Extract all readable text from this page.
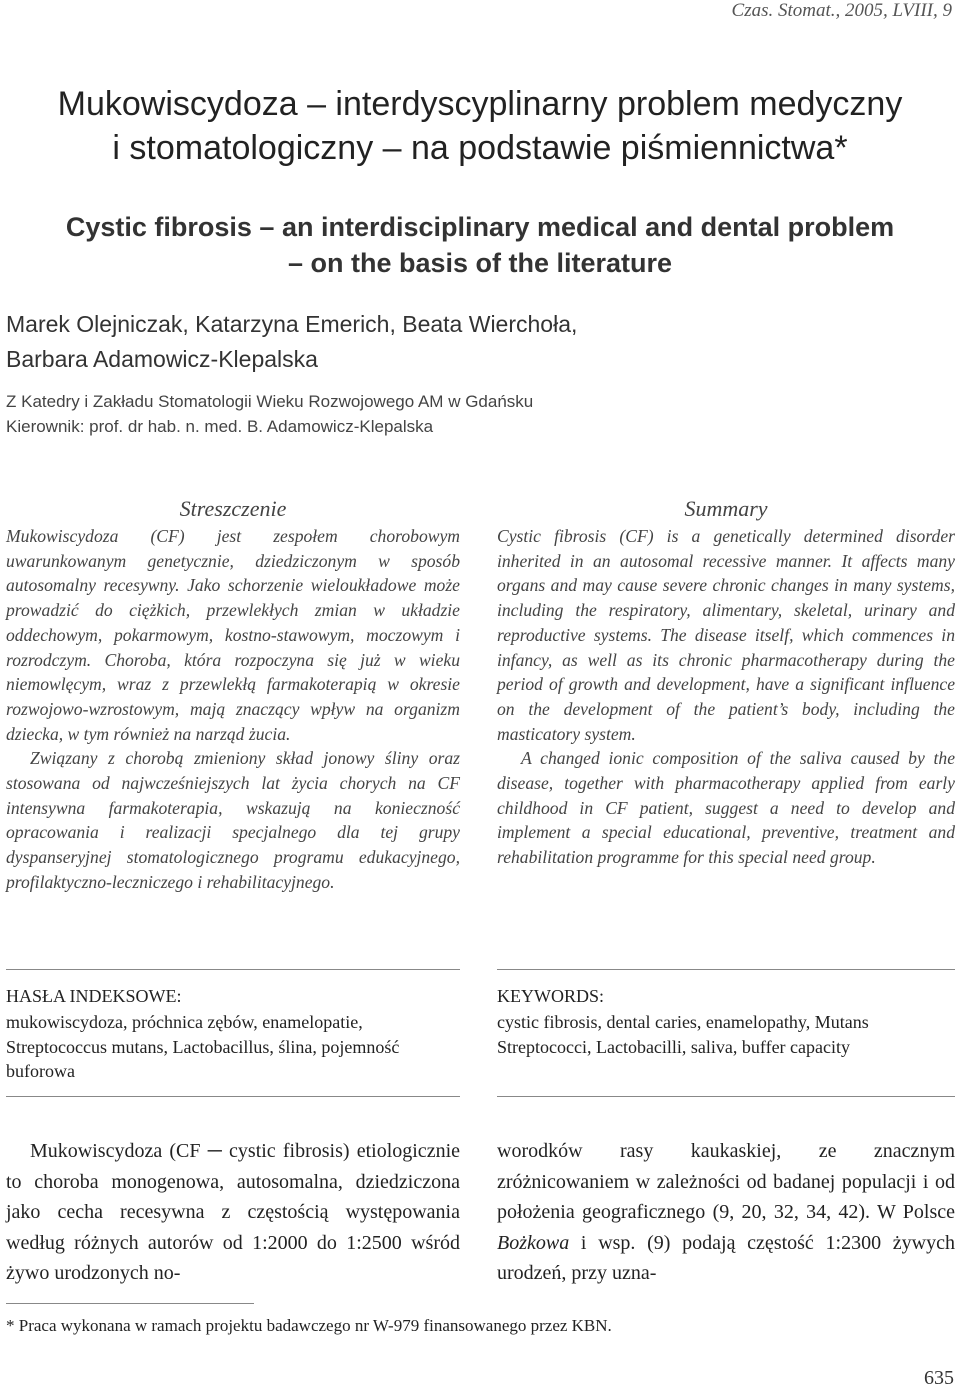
Czas. Stomat., 2005, LVIII, 9
Mukowiscydoza – interdyscyplinarny problem medyczny
i stomatologiczny – na podstawie piśmiennictwa*
Cystic fibrosis – an interdisciplinary medical and dental problem
– on the basis of the literature
Marek Olejniczak, Katarzyna Emerich, Beata Wierchoła,
Barbara Adamowicz-Klepalska
Z Katedry i Zakładu Stomatologii Wieku Rozwojowego AM w Gdańsku
Kierownik: prof. dr hab. n. med. B. Adamowicz-Klepalska
Streszczenie

Mukowiscydoza (CF) jest zespołem chorobowym uwarunkowanym genetycznie, dziedziczonym w sposób autosomalny recesywny. Jako schorzenie wieloukładowe może prowadzić do ciężkich, przewlekłych zmian w układzie oddechowym, pokarmowym, kostno-stawowym, moczowym i rozrodczym. Choroba, która rozpoczyna się już w wieku niemowlęcym, wraz z przewlekłą farmakoterapią w okresie rozwojowo-wzrostowym, mają znaczący wpływ na organizm dziecka, w tym również na narząd żucia.

Związany z chorobą zmieniony skład jonowy śliny oraz stosowana od najwcześniejszych lat życia chorych na CF intensywna farmakoterapia, wskazują na konieczność opracowania i realizacji specjalnego dla tej grupy dyspanseryjnej stomatologicznego programu edukacyjnego, profilaktyczno-leczniczego i rehabilitacyjnego.

Summary

Cystic fibrosis (CF) is a genetically determined disorder inherited in an autosomal recessive manner. It affects many organs and may cause severe chronic changes in many systems, including the respiratory, alimentary, skeletal, urinary and reproductive systems. The disease itself, which commences in infancy, as well as its chronic pharmacotherapy during the period of growth and development, have a significant influence on the development of the patient’s body, including the masticatory system.

A changed ionic composition of the saliva caused by the disease, together with pharmacotherapy applied from early childhood in CF patient, suggest a need to develop and implement a special educational, preventive, treatment and rehabilitation programme for this special need group.

HASŁA INDEKSOWE:
mukowiscydoza, próchnica zębów, enamelopatie, Streptococcus mutans, Lactobacillus, ślina, pojemność buforowa
KEYWORDS:
cystic fibrosis, dental caries, enamelopathy, Mutans Streptococci, Lactobacilli, saliva, buffer capacity
Mukowiscydoza (CF ─ cystic fibrosis) etiologicznie to choroba monogenowa, autosomalna, dziedziczona jako cecha recesywna z częstością występowania według różnych autorów od 1:2000 do 1:2500 wśród żywo urodzonych no-
worodków rasy kaukaskiej, ze znacznym zróżnicowaniem w zależności od badanej populacji i od położenia geograficznego (9, 20, 32, 34, 42). W Polsce Bożkowa i wsp. (9) podają częstość 1:2300 żywych urodzeń, przy uzna-
* Praca wykonana w ramach projektu badawczego nr W-979 finansowanego przez KBN.
635
